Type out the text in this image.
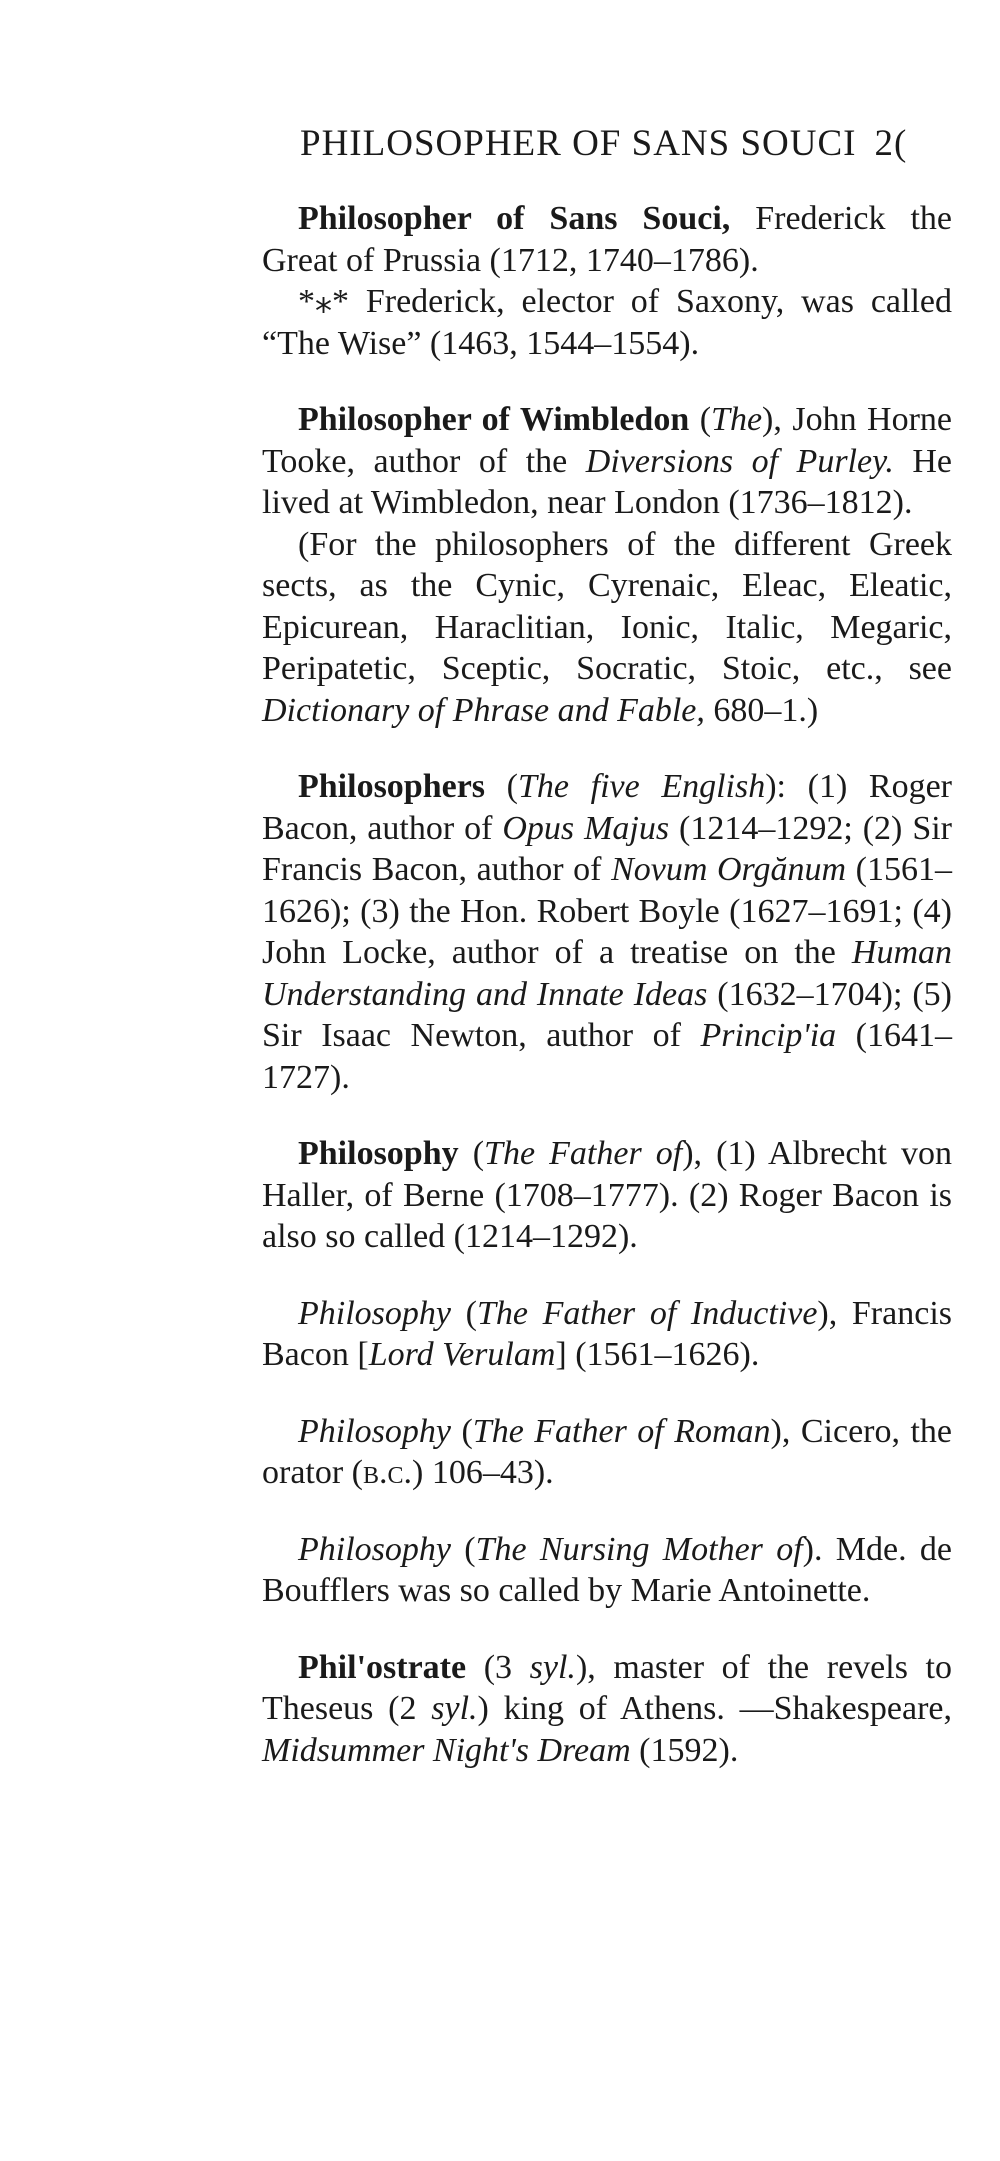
PHILOSOPHER OF SANS SOUCI 2(

Philosopher of Sans Souci, Frederick the Great of Prussia (1712, 1740–1786).

*⁎* Frederick, elector of Saxony, was called “The Wise” (1463, 1544–1554).

Philosopher of Wimbledon (The), John Horne Tooke, author of the Diversions of Purley. He lived at Wimbledon, near London (1736–1812).

(For the philosophers of the different Greek sects, as the Cynic, Cyrenaic, Eleac, Eleatic, Epicurean, Haraclitian, Ionic, Italic, Megaric, Peripatetic, Sceptic, Socratic, Stoic, etc., see Dictionary of Phrase and Fable, 680–1.)

Philosophers (The five English): (1) Roger Bacon, author of Opus Majus (1214–1292; (2) Sir Francis Bacon, author of Novum Orgănum (1561–1626); (3) the Hon. Robert Boyle (1627–1691; (4) John Locke, author of a treatise on the Human Understanding and Innate Ideas (1632–1704); (5) Sir Isaac Newton, author of Princip'ia (1641–1727).

Philosophy (The Father of), (1) Albrecht von Haller, of Berne (1708–1777). (2) Roger Bacon is also so called (1214–1292).

Philosophy (The Father of Inductive), Francis Bacon [Lord Verulam] (1561–1626).

Philosophy (The Father of Roman), Cicero, the orator (b.c.) 106–43).

Philosophy (The Nursing Mother of). Mde. de Boufflers was so called by Marie Antoinette.

Phil'ostrate (3 syl.), master of the revels to Theseus (2 syl.) king of Athens. —Shakespeare, Midsummer Night's Dream (1592).
